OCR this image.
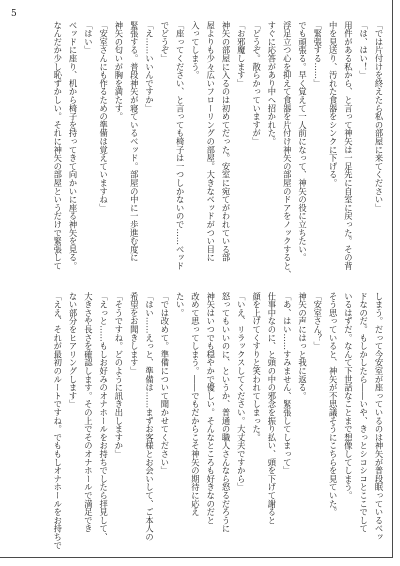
5
「では片付けを終えたら私の部屋に来てください」
「は、はい！」
用件がある私から、と言って神矢は一足先に自室に戻った。その背
中を見送り、汚れた食器をシンクに下げる。
「緊張する……」
でも頑張る。早く覚えて一人前になって、神矢の役に立ちたい。
浮足立つ心を抑えて食器を片付け神矢の部屋のドアをノックすると、
すぐに応答があり中へ招かれた。
「どうぞ。散らかっていますが」
「お邪魔します」
神矢の部屋に入るのは初めてだった。安室に宛てがわれている部
屋よりも少々広いフローリングの部屋。大きなベッドがつい目に
入ってしまう。
「座ってください、と言っても椅子は一つしかないので……ベッド
でどうぞ」
「え……いいんですか」
緊張する。普段神矢が寝ているベッド。部屋の中に一歩進む度に
神矢の匂いが胸を満たす。
「安室さんにも作るための準備は覚えていますね」
「はい」
ベッドに座り、机から椅子を持ってきて向かいに座る神矢を見る。
なんだか少し恥ずかしい。それに神矢の部屋というだけで緊張して
しまう。だって今安室が座っているのは神矢が普段眠っているベッ
ドなのだ。もしかしたら――いや、きっとシコシコとここでして
いるはずだ。なんて下世話なことまで想像してしまう。
そう思っていると、神矢が不思議そうにこちらを見ていた。
「安室さん？」
神矢の声にはっと我に返る。
「あ、はい……すみません、緊張してしまって」
仕事中なのに、と頭の中の邪念を振り払い、頭を下げて謝ると
顔を上げてくすりと笑われてしまった。
「いえ、リラックスしてください。大丈夫ですから」
怒ってもいいのに、というか、普通の職人さんなら怒るだろうに
神矢はいつでも穏やかで優しい。そんなところも好きなのだと
改めて思ってしまう。――でもだからこそ神矢の期待に応え
たい。
「では改めて。準備について聞かせてください」
「はい……えっと、準備は……まずお客様とお会いして、ご本人の
希望をお聞きします」
「そうですね。どのように訊き出しますか」
「えっと……もしお好みのオナホールをお持ちでしたら拝見して、
大きさや長さを確認します。その上でそのオナホールで満足でき
ない部分をヒアリングします」
「ええ、それが最初のルートですね。でももしオナホールをお持ちで
